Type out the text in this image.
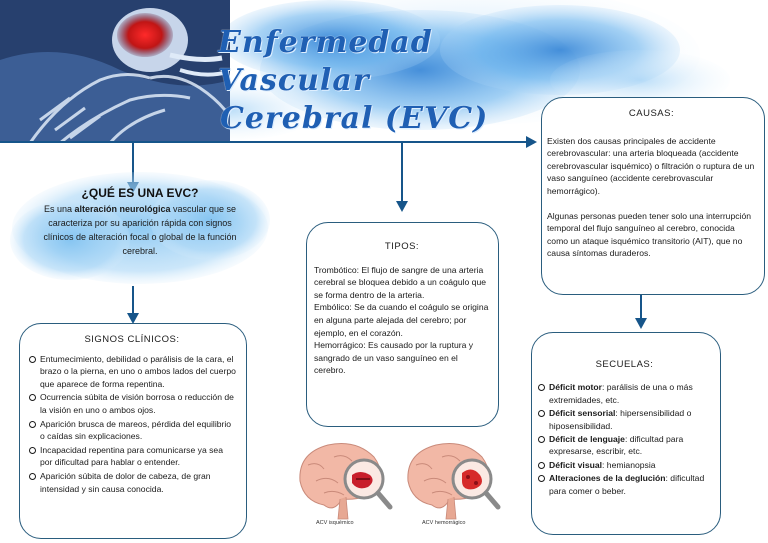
Enfermedad Vascular
Cerebral (EVC)
¿QUÉ ES UNA EVC?

Es una alteración neurológica vascular que se caracteriza por su aparición rápida con signos clínicos de alteración focal o global de la función cerebral.

SIGNOS CLÍNICOS:
Entumecimiento, debilidad o parálisis de la cara, el brazo o la pierna, en uno o ambos lados del cuerpo que aparece de forma repentina.
Ocurrencia súbita de visión borrosa o reducción de la visión en uno o ambos ojos.
Aparición brusca de mareos, pérdida del equilibrio o caídas sin explicaciones.
Incapacidad repentina para comunicarse ya sea por dificultad para hablar o entender.
Aparición súbita de dolor de cabeza, de gran intensidad y sin causa conocida.
TIPOS:
Trombótico: El flujo de sangre de una arteria cerebral se bloquea debido a un coágulo que se forma dentro de la arteria.
Embólico: Se da cuando el coágulo se origina en alguna parte alejada del cerebro; por ejemplo, en el corazón.
Hemorrágico: Es causado por la ruptura y sangrado de un vaso sanguíneo en el cerebro.
CAUSAS:
Existen dos causas principales de accidente cerebrovascular: una arteria bloqueada (accidente cerebrovascular isquémico) o filtración o ruptura de un vaso sanguíneo (accidente cerebrovascular hemorrágico).
Algunas personas pueden tener solo una interrupción temporal del flujo sanguíneo al cerebro, conocida como un ataque isquémico transitorio (AIT), que no causa síntomas duraderos.
SECUELAS:
Déficit motor: parálisis de una o más extremidades, etc.
Déficit sensorial: hipersensibilidad o hiposensibilidad.
Déficit de lenguaje: dificultad para expresarse, escribir, etc.
Déficit visual: hemianopsia
Alteraciones de la deglución: dificultad para comer o beber.
ACV isquémico	ACV hemorrágico
